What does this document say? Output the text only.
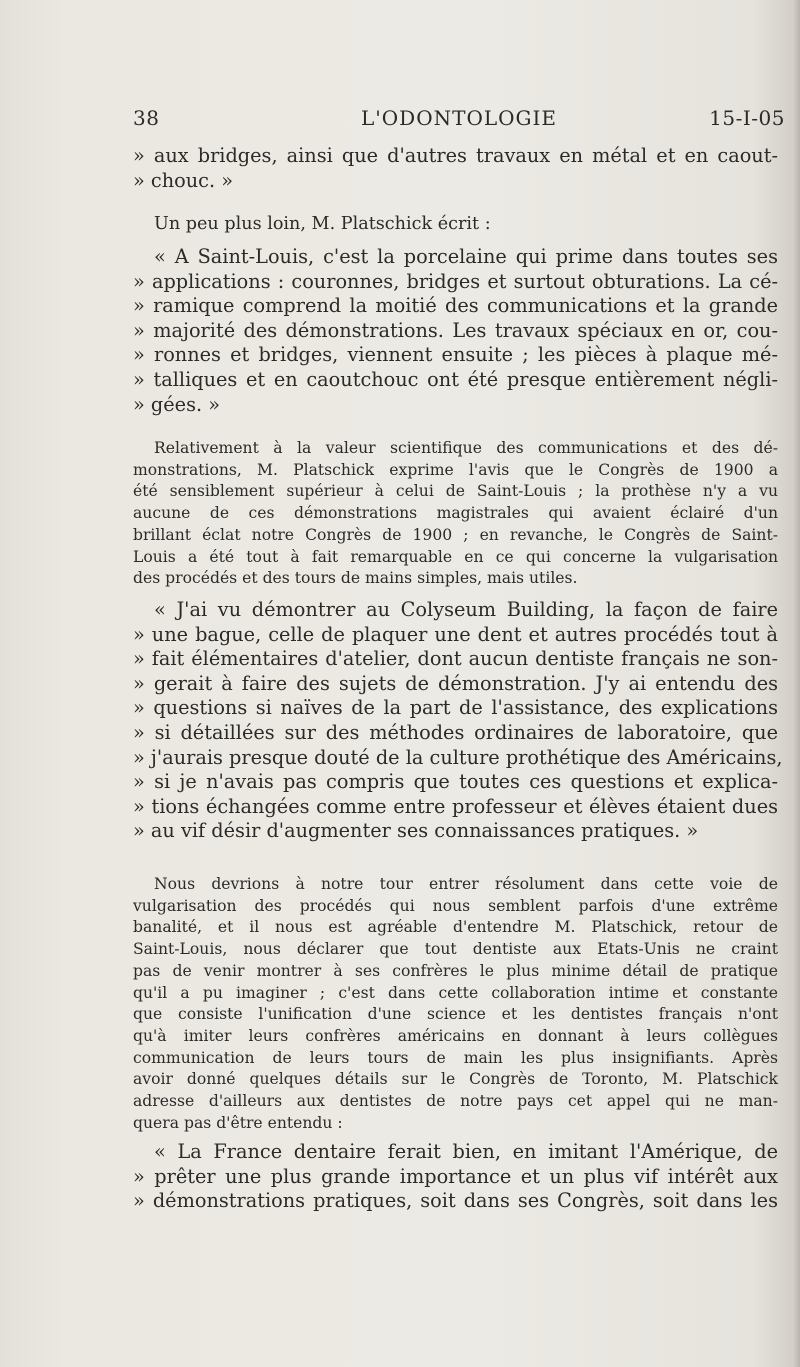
38	L'ODONTOLOGIE	15-I-05
» aux bridges, ainsi que d'autres travaux en métal et en caout-
» chouc. »
Un peu plus loin, M. Platschick écrit :
« A Saint-Louis, c'est la porcelaine qui prime dans toutes ses
» applications : couronnes, bridges et surtout obturations. La cé-
» ramique comprend la moitié des communications et la grande
» majorité des démonstrations. Les travaux spéciaux en or, cou-
» ronnes et bridges, viennent ensuite ; les pièces à plaque mé-
» talliques et en caoutchouc ont été presque entièrement négli-
» gées. »
Relativement à la valeur scientifique des communications et des dé-
monstrations, M. Platschick exprime l'avis que le Congrès de 1900 a
été sensiblement supérieur à celui de Saint-Louis ; la prothèse n'y a vu
aucune de ces démonstrations magistrales qui avaient éclairé d'un
brillant éclat notre Congrès de 1900 ; en revanche, le Congrès de Saint-
Louis a été tout à fait remarquable en ce qui concerne la vulgarisation
des procédés et des tours de mains simples, mais utiles.
« J'ai vu démontrer au Colyseum Building, la façon de faire
» une bague, celle de plaquer une dent et autres procédés tout à
» fait élémentaires d'atelier, dont aucun dentiste français ne son-
» gerait à faire des sujets de démonstration. J'y ai entendu des
» questions si naïves de la part de l'assistance, des explications
» si détaillées sur des méthodes ordinaires de laboratoire, que
» j'aurais presque douté de la culture prothétique des Américains,
» si je n'avais pas compris que toutes ces questions et explica-
» tions échangées comme entre professeur et élèves étaient dues
» au vif désir d'augmenter ses connaissances pratiques. »
Nous devrions à notre tour entrer résolument dans cette voie de
vulgarisation des procédés qui nous semblent parfois d'une extrême
banalité, et il nous est agréable d'entendre M. Platschick, retour de
Saint-Louis, nous déclarer que tout dentiste aux Etats-Unis ne craint
pas de venir montrer à ses confrères le plus minime détail de pratique
qu'il a pu imaginer ; c'est dans cette collaboration intime et constante
que consiste l'unification d'une science et les dentistes français n'ont
qu'à imiter leurs confrères américains en donnant à leurs collègues
communication de leurs tours de main les plus insignifiants. Après
avoir donné quelques détails sur le Congrès de Toronto, M. Platschick
adresse d'ailleurs aux dentistes de notre pays cet appel qui ne man-
quera pas d'être entendu :
« La France dentaire ferait bien, en imitant l'Amérique, de
» prêter une plus grande importance et un plus vif intérêt aux
» démonstrations pratiques, soit dans ses Congrès, soit dans les
